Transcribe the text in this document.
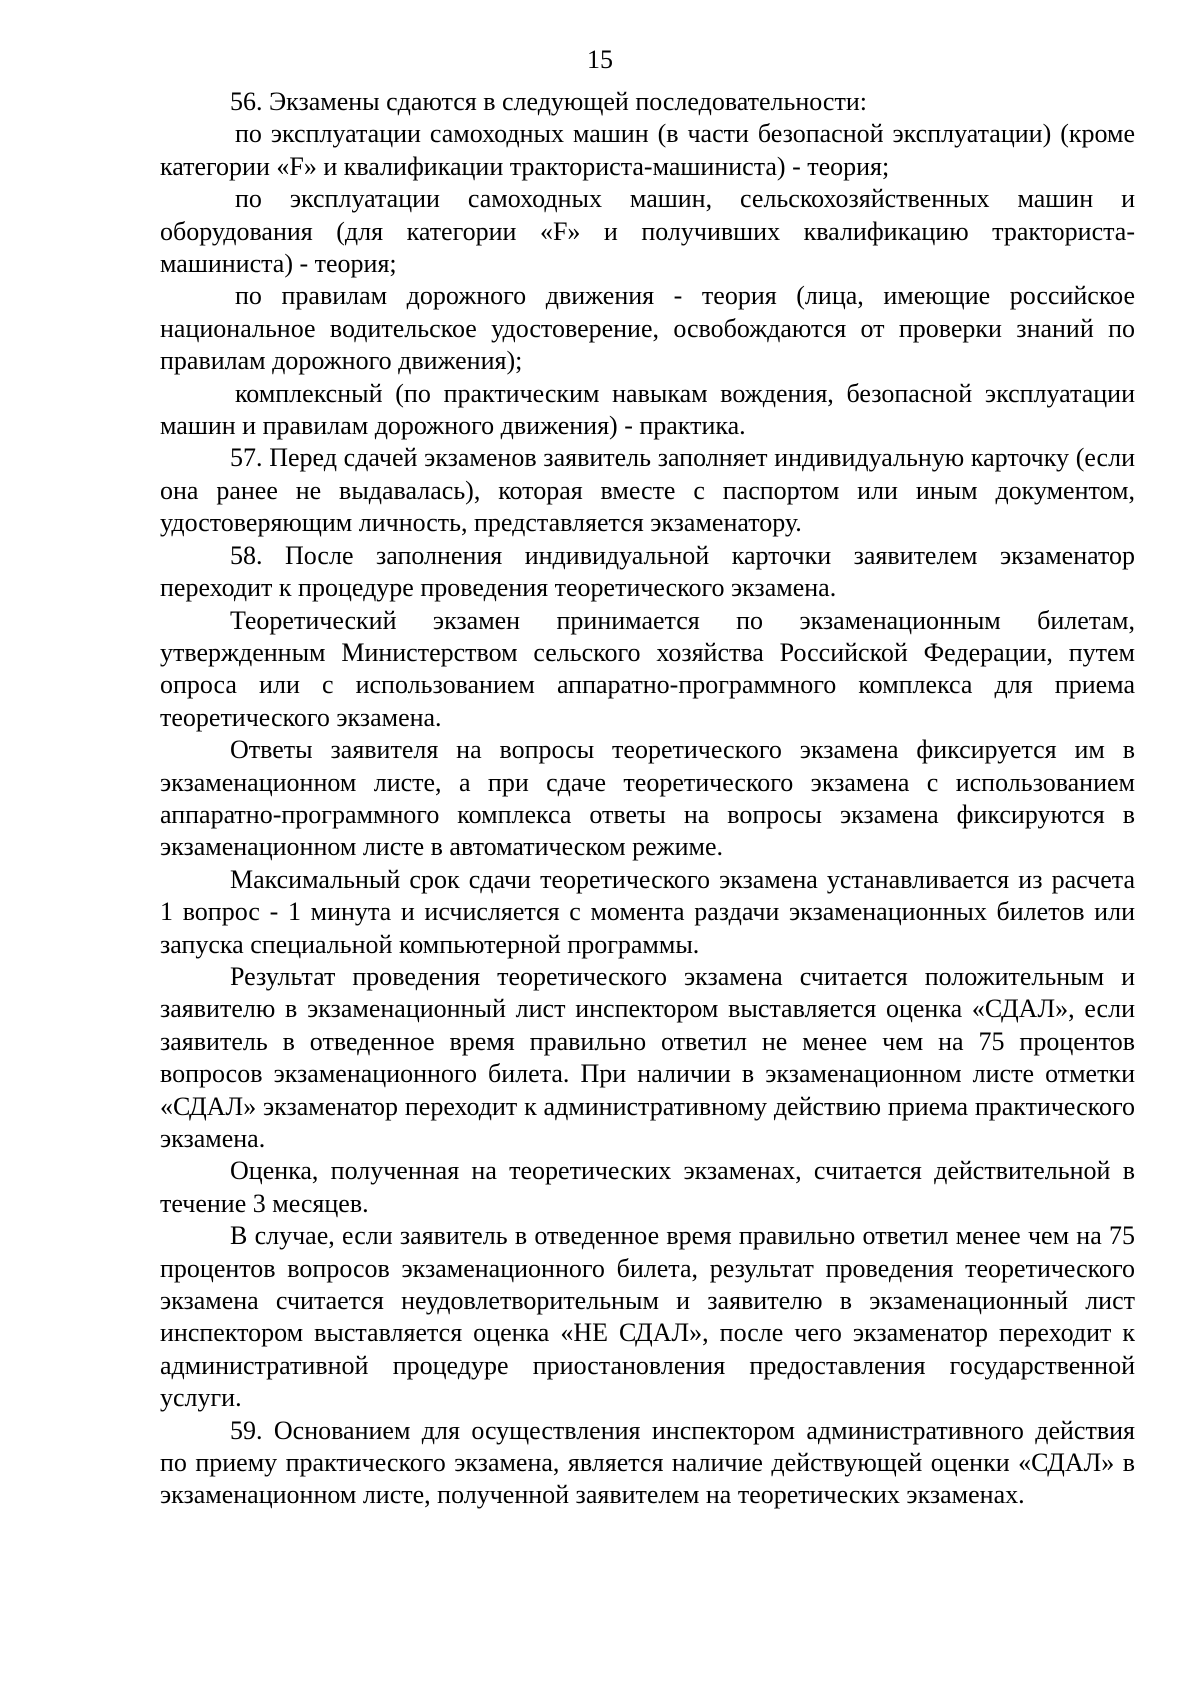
15

56. Экзамены сдаются в следующей последовательности:

по эксплуатации самоходных машин (в части безопасной эксплуатации) (кроме категории «F» и квалификации тракториста-машиниста) - теория;

по эксплуатации самоходных машин, сельскохозяйственных машин и оборудования (для категории «F» и получивших квалификацию тракториста-машиниста) - теория;

по правилам дорожного движения - теория (лица, имеющие российское национальное водительское удостоверение, освобождаются от проверки знаний по правилам дорожного движения);

комплексный (по практическим навыкам вождения, безопасной эксплуатации машин и правилам дорожного движения) - практика.

57. Перед сдачей экзаменов заявитель заполняет индивидуальную карточку (если она ранее не выдавалась), которая вместе с паспортом или иным документом, удостоверяющим личность, представляется экзаменатору.

58. После заполнения индивидуальной карточки заявителем экзаменатор переходит к процедуре проведения теоретического экзамена.

Теоретический экзамен принимается по экзаменационным билетам, утвержденным Министерством сельского хозяйства Российской Федерации, путем опроса или с использованием аппаратно-программного комплекса для приема теоретического экзамена.

Ответы заявителя на вопросы теоретического экзамена фиксируется им в экзаменационном листе, а при сдаче теоретического экзамена с использованием аппаратно-программного комплекса ответы на вопросы экзамена фиксируются в экзаменационном листе в автоматическом режиме.

Максимальный срок сдачи теоретического экзамена устанавливается из расчета 1 вопрос - 1 минута и исчисляется с момента раздачи экзаменационных билетов или запуска специальной компьютерной программы.

Результат проведения теоретического экзамена считается положительным и заявителю в экзаменационный лист инспектором выставляется оценка «СДАЛ», если заявитель в отведенное время правильно ответил не менее чем на 75 процентов вопросов экзаменационного билета. При наличии в экзаменационном листе отметки «СДАЛ» экзаменатор переходит к административному действию приема практического экзамена.

Оценка, полученная на теоретических экзаменах, считается действительной в течение 3 месяцев.

В случае, если заявитель в отведенное время правильно ответил менее чем на 75 процентов вопросов экзаменационного билета, результат проведения теоретического экзамена считается неудовлетворительным и заявителю в экзаменационный лист инспектором выставляется оценка «НЕ СДАЛ», после чего экзаменатор переходит к административной процедуре приостановления предоставления государственной услуги.

59. Основанием для осуществления инспектором административного действия по приему практического экзамена, является наличие действующей оценки «СДАЛ» в экзаменационном листе, полученной заявителем на теоретических экзаменах.
